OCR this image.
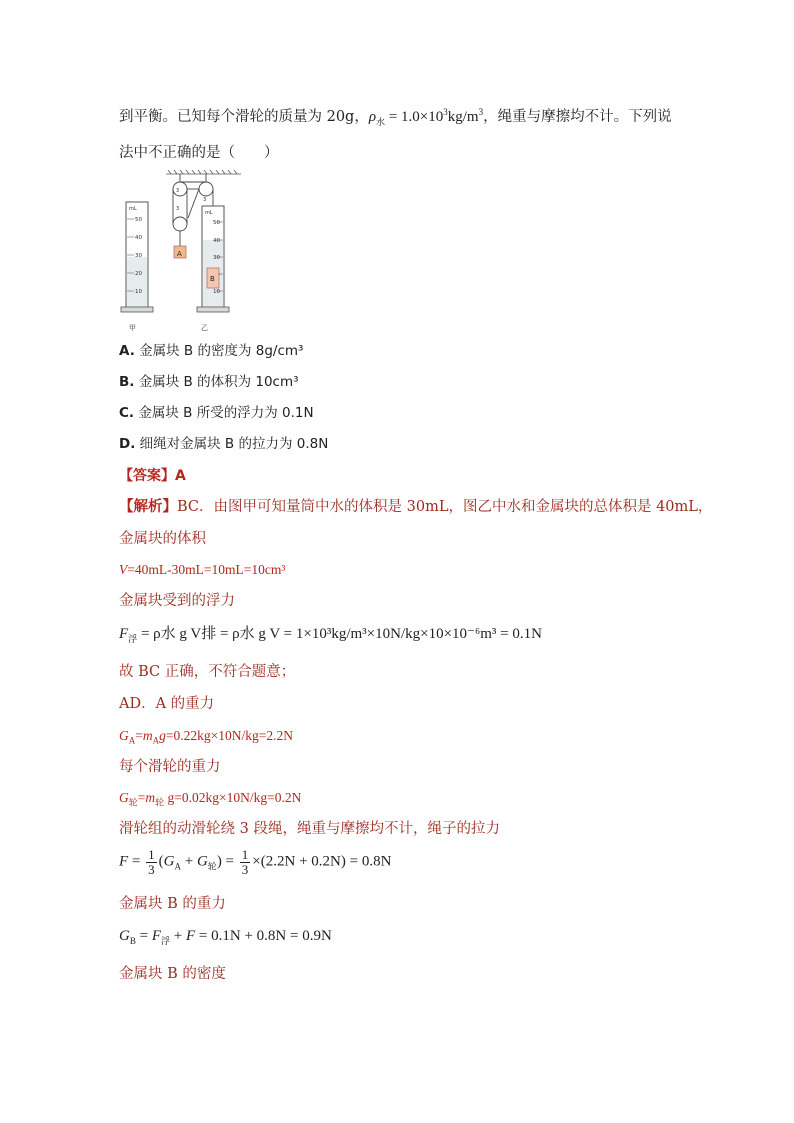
到平衡。已知每个滑轮的质量为 20g，$\rho_水 = 1.0\times 10^3kg/m^3$，绳重与摩擦均不计。下列说
法中不正确的是（　　）
mL
50
40
30
20
10
甲
3
3
3
A
mL
50
40
30
10
B
乙
A. 金属块 B 的密度为 8g/cm³
B. 金属块 B 的体积为 10cm³
C. 金属块 B 所受的浮力为 0.1N
D. 细绳对金属块 B 的拉力为 0.8N
【答案】A
【解析】BC．由图甲可知量筒中水的体积是 30mL，图乙中水和金属块的总体积是 40mL，
金属块的体积
V=40mL-30mL=10mL=10cm³
金属块受到的浮力
$F_浮 = \rho$水 g V排 = ρ水 g V = 1×10³kg/m³×10N/kg×10×10⁻⁶m³ = 0.1N
故 BC 正确，不符合题意；
AD．A 的重力
$G_A=m_Ag=0.22kg\times 10N/kg=2.2N$
每个滑轮的重力
$G_轮=m_轮$ g=0.02kg×10N/kg=0.2N
滑轮组的动滑轮绕 3 段绳，绳重与摩擦均不计，绳子的拉力
$F = \frac{1}{3} (G_A + G_轮) = \frac{1}{3} \times(2.2N + 0.2N) = 0.8N$
金属块 B 的重力
$G_B = F_浮 + F = 0.1N + 0.8N = 0.9N$
金属块 B 的密度
